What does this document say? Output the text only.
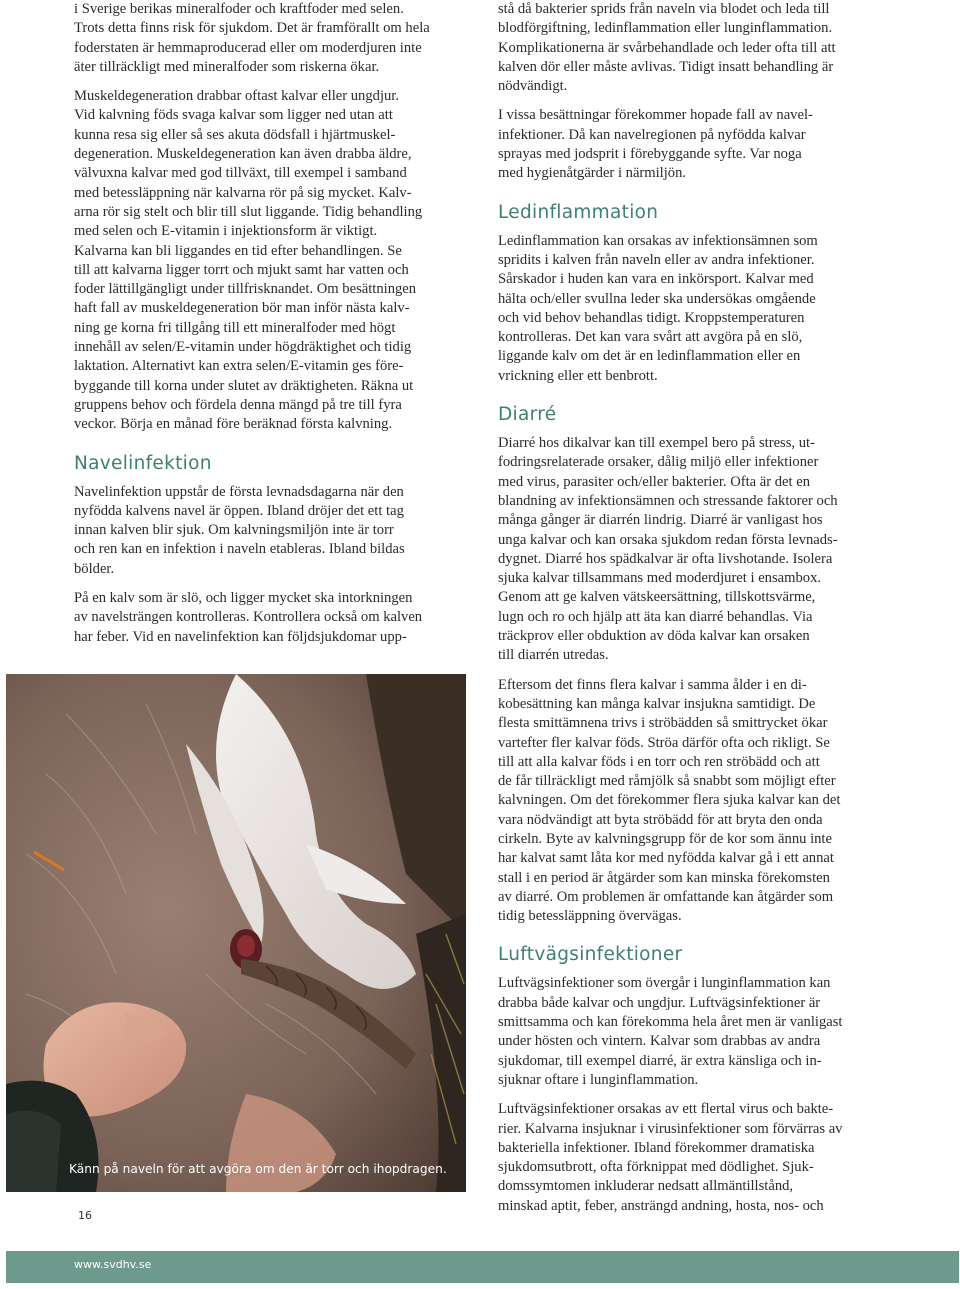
i Sverige berikas mineralfoder och kraftfoder med selen.
Trots detta finns risk för sjukdom. Det är framförallt om hela
foderstaten är hemmaproducerad eller om moderdjuren inte
äter tillräckligt med mineralfoder som riskerna ökar.

Muskeldegeneration drabbar oftast kalvar eller ungdjur.
Vid kalvning föds svaga kalvar som ligger ned utan att
kunna resa sig eller så ses akuta dödsfall i hjärtmuskel-
degeneration. Muskeldegeneration kan även drabba äldre,
välvuxna kalvar med god tillväxt, till exempel i samband
med betessläppning när kalvarna rör på sig mycket. Kalv-
arna rör sig stelt och blir till slut liggande. Tidig behandling
med selen och E-vitamin i injektionsform är viktigt.
Kalvarna kan bli liggandes en tid efter behandlingen. Se
till att kalvarna ligger torrt och mjukt samt har vatten och
foder lättillgängligt under tillfrisknandet. Om besättningen
haft fall av muskeldegeneration bör man inför nästa kalv-
ning ge korna fri tillgång till ett mineralfoder med högt
innehåll av selen/E-vitamin under högdräktighet och tidig
laktation. Alternativt kan extra selen/E-vitamin ges före-
byggande till korna under slutet av dräktigheten. Räkna ut
gruppens behov och fördela denna mängd på tre till fyra
veckor. Börja en månad före beräknad första kalvning.

Navelinfektion

Navelinfektion uppstår de första levnadsdagarna när den
nyfödda kalvens navel är öppen. Ibland dröjer det ett tag
innan kalven blir sjuk. Om kalvningsmiljön inte är torr
och ren kan en infektion i naveln etableras. Ibland bildas
bölder.

På en kalv som är slö, och ligger mycket ska intorkningen
av navelsträngen kontrolleras. Kontrollera också om kalven
har feber. Vid en navelinfektion kan följdsjukdomar upp-

Känn på naveln för att avgöra om den är torr och ihopdragen.

stå då bakterier sprids från naveln via blodet och leda till
blodförgiftning, ledinflammation eller lunginflammation.
Komplikationerna är svårbehandlade och leder ofta till att
kalven dör eller måste avlivas. Tidigt insatt behandling är
nödvändigt.

I vissa besättningar förekommer hopade fall av navel-
infektioner. Då kan navelregionen på nyfödda kalvar
sprayas med jodsprit i förebyggande syfte. Var noga
med hygienåtgärder i närmiljön.

Ledinflammation

Ledinflammation kan orsakas av infektionsämnen som
spridits i kalven från naveln eller av andra infektioner.
Sårskador i huden kan vara en inkörsport. Kalvar med
hälta och/eller svullna leder ska undersökas omgående
och vid behov behandlas tidigt. Kroppstemperaturen
kontrolleras. Det kan vara svårt att avgöra på en slö,
liggande kalv om det är en ledinflammation eller en
vrickning eller ett benbrott.

Diarré

Diarré hos dikalvar kan till exempel bero på stress, ut-
fodringsrelaterade orsaker, dålig miljö eller infektioner
med virus, parasiter och/eller bakterier. Ofta är det en
blandning av infektionsämnen och stressande faktorer och
många gånger är diarrén lindrig. Diarré är vanligast hos
unga kalvar och kan orsaka sjukdom redan första levnads-
dygnet. Diarré hos spädkalvar är ofta livshotande. Isolera
sjuka kalvar tillsammans med moderdjuret i ensambox.
Genom att ge kalven vätskeersättning, tillskottsvärme,
lugn och ro och hjälp att äta kan diarré behandlas. Via
träckprov eller obduktion av döda kalvar kan orsaken
till diarrén utredas.

Eftersom det finns flera kalvar i samma ålder i en di-
kobesättning kan många kalvar insjukna samtidigt. De
flesta smittämnena trivs i ströbädden så smittrycket ökar
vartefter fler kalvar föds. Ströa därför ofta och rikligt. Se
till att alla kalvar föds i en torr och ren ströbädd och att
de får tillräckligt med råmjölk så snabbt som möjligt efter
kalvningen. Om det förekommer flera sjuka kalvar kan det
vara nödvändigt att byta ströbädd för att bryta den onda
cirkeln. Byte av kalvningsgrupp för de kor som ännu inte
har kalvat samt låta kor med nyfödda kalvar gå i ett annat
stall i en period är åtgärder som kan minska förekomsten
av diarré. Om problemen är omfattande kan åtgärder som
tidig betessläppning övervägas.

Luftvägsinfektioner

Luftvägsinfektioner som övergår i lunginflammation kan
drabba både kalvar och ungdjur. Luftvägsinfektioner är
smittsamma och kan förekomma hela året men är vanligast
under hösten och vintern. Kalvar som drabbas av andra
sjukdomar, till exempel diarré, är extra känsliga och in-
sjuknar oftare i lunginflammation.

Luftvägsinfektioner orsakas av ett flertal virus och bakte-
rier. Kalvarna insjuknar i virusinfektioner som förvärras av
bakteriella infektioner. Ibland förekommer dramatiska
sjukdomsutbrott, ofta förknippat med dödlighet. Sjuk-
domssymtomen inkluderar nedsatt allmäntillstånd,
minskad aptit, feber, ansträngd andning, hosta, nos- och

16
www.svdhv.se
